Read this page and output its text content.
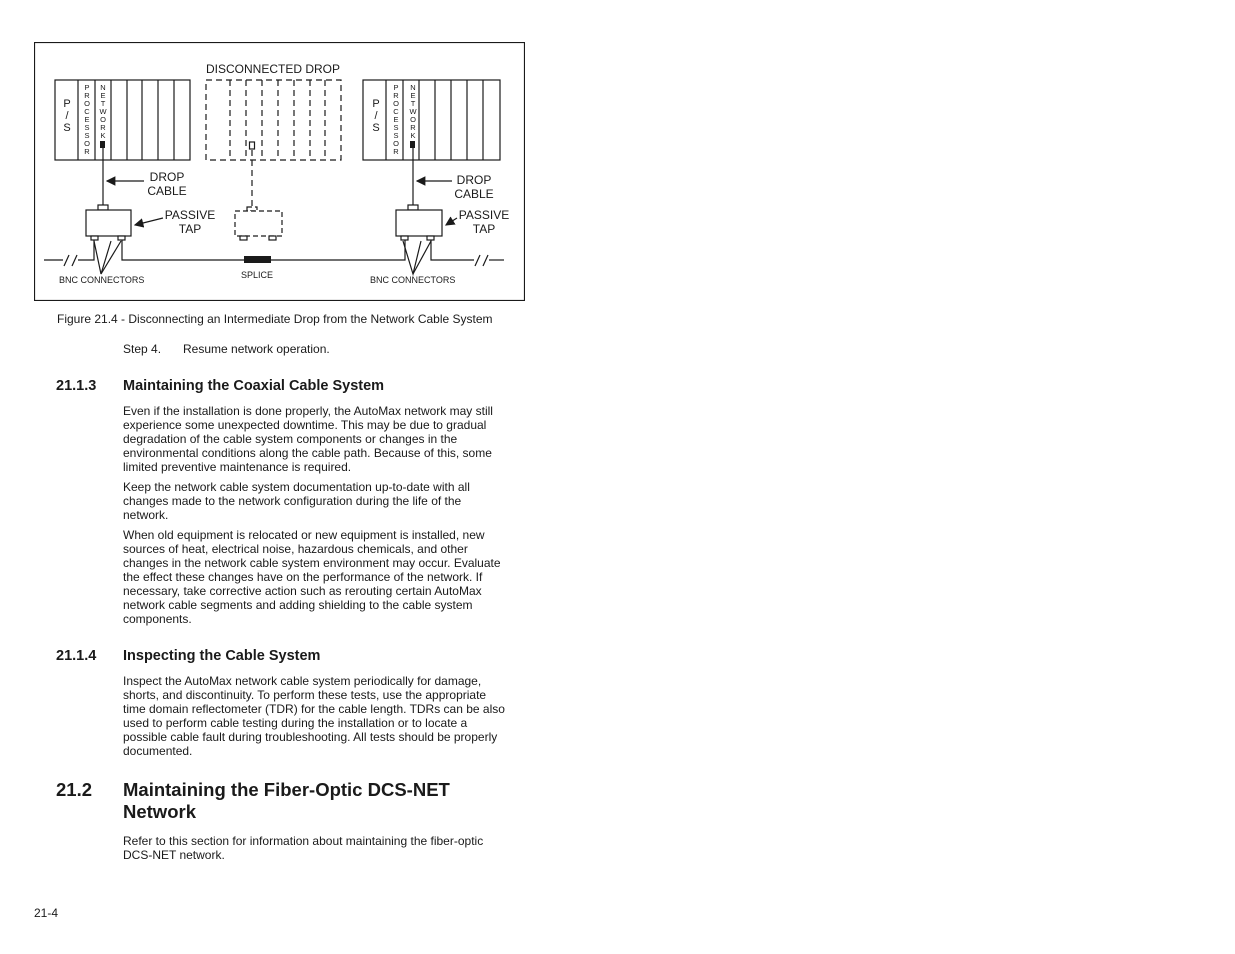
P / S
P R O C E S S O R
N E T W O R K
P / S
P R O C E S S O R
N E T W O R K
DISCONNECTED DROP
DROP CABLE
PASSIVE TAP
DROP CABLE
PASSIVE TAP
BNC CONNECTORS	SPLICE	BNC CONNECTORS
Figure 21.4 - Disconnecting an Intermediate Drop from the Network Cable System
Step 4. Resume network operation.
21.1.3 Maintaining the Coaxial Cable System
Even if the installation is done properly, the AutoMax network may still experience some unexpected downtime. This may be due to gradual degradation of the cable system components or changes in the environmental conditions along the cable path. Because of this, some limited preventive maintenance is required.
Keep the network cable system documentation up-to-date with all changes made to the network configuration during the life of the network.
When old equipment is relocated or new equipment is installed, new sources of heat, electrical noise, hazardous chemicals, and other changes in the network cable system environment may occur. Evaluate the effect these changes have on the performance of the network. If necessary, take corrective action such as rerouting certain AutoMax network cable segments and adding shielding to the cable system components.
21.1.4 Inspecting the Cable System
Inspect the AutoMax network cable system periodically for damage, shorts, and discontinuity. To perform these tests, use the appropriate time domain reflectometer (TDR) for the cable length. TDRs can be also used to perform cable testing during the installation or to locate a possible cable fault during troubleshooting. All tests should be properly documented.
21.2 Maintaining the Fiber-Optic DCS-NET Network
Refer to this section for information about maintaining the fiber-optic DCS-NET network.
21-4
